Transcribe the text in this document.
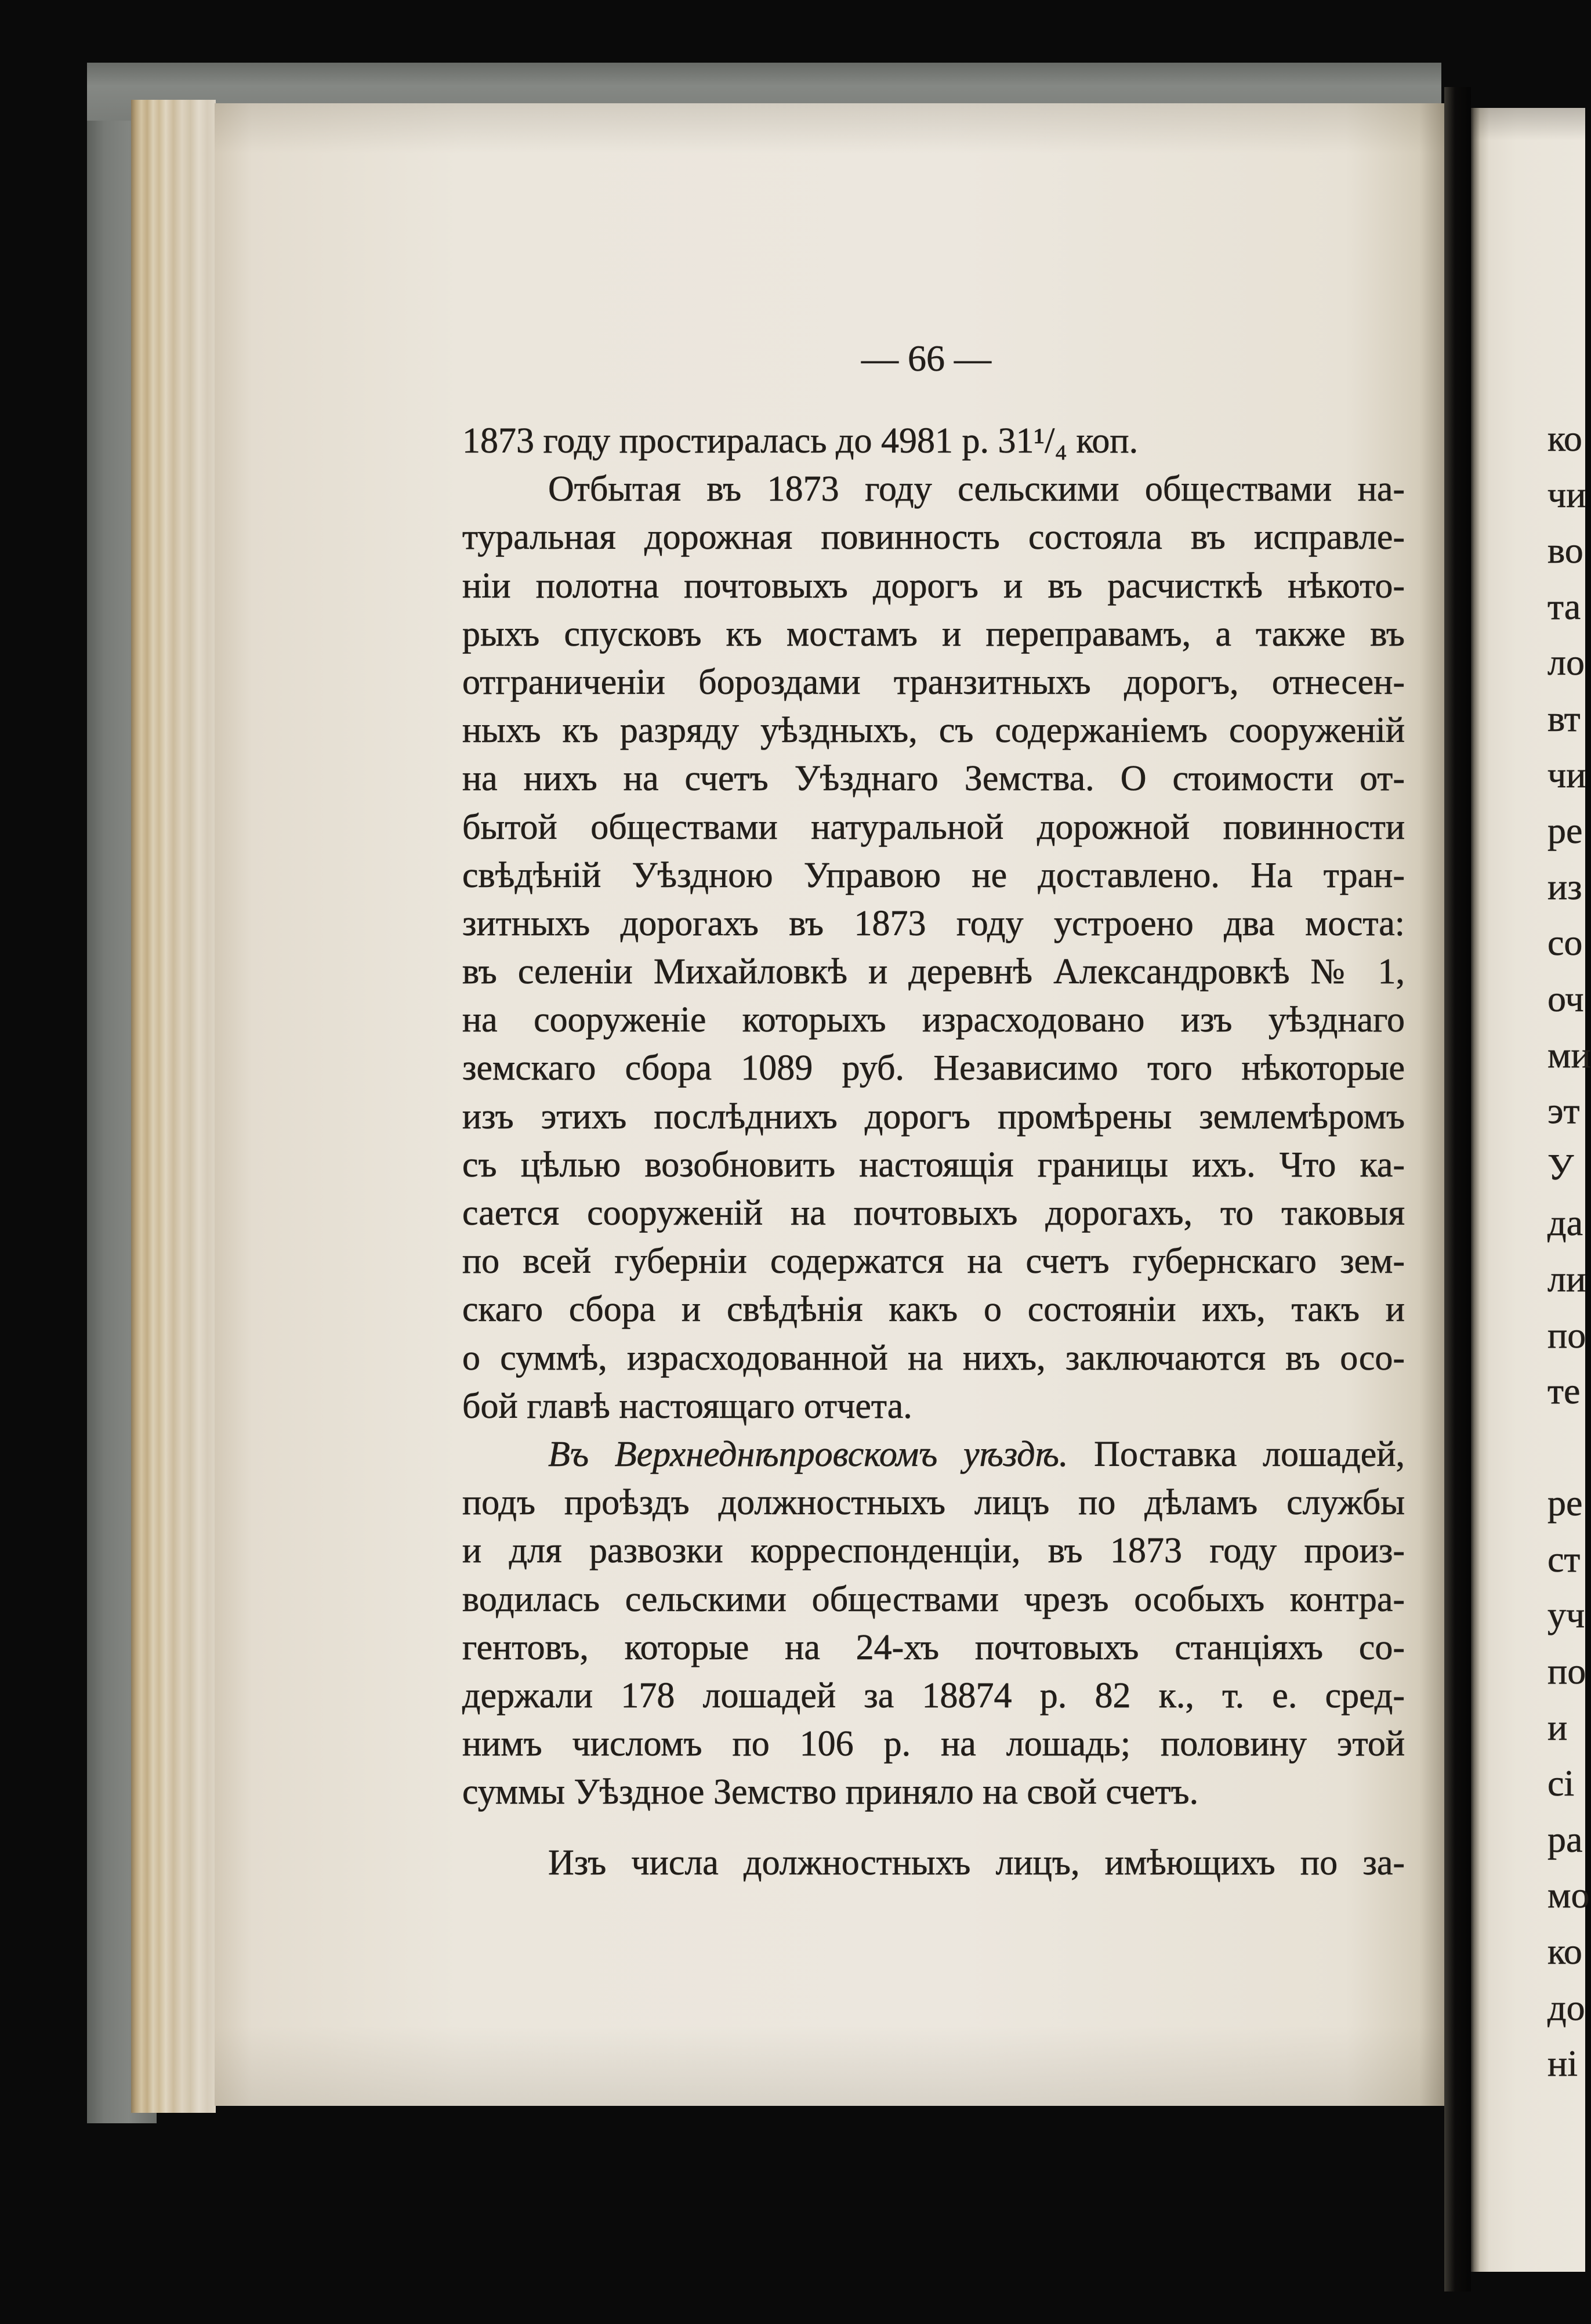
— 66 —
1873 году простиралась до 4981 р. 31¹/₄ коп.
Отбытая въ 1873 году сельскими обществами на-
туральная дорожная повинность состояла въ исправле-
ніи полотна почтовыхъ дорогъ и въ расчисткѣ нѣкото-
рыхъ спусковъ къ мостамъ и переправамъ, а также въ
отграниченіи бороздами транзитныхъ дорогъ, отнесен-
ныхъ къ разряду уѣздныхъ, съ содержаніемъ сооруженій
на нихъ на счетъ Уѣзднаго Земства. О стоимости от-
бытой обществами натуральной дорожной повинности
свѣдѣній Уѣздною Управою не доставлено. На тран-
зитныхъ дорогахъ въ 1873 году устроено два моста:
въ селеніи Михайловкѣ и деревнѣ Александровкѣ № 1,
на сооруженіе которыхъ израсходовано изъ уѣзднаго
земскаго сбора 1089 руб. Независимо того нѣкоторые
изъ этихъ послѣднихъ дорогъ промѣрены землемѣромъ
съ цѣлью возобновить настоящія границы ихъ. Что ка-
сается сооруженій на почтовыхъ дорогахъ, то таковыя
по всей губерніи содержатся на счетъ губернскаго зем-
скаго сбора и свѣдѣнія какъ о состояніи ихъ, такъ и
о суммѣ, израсходованной на нихъ, заключаются въ осо-
бой главѣ настоящаго отчета.
Въ Верхнеднѣпровскомъ уѣздѣ. Поставка лошадей,
подъ проѣздъ должностныхъ лицъ по дѣламъ службы
и для развозки корреспонденціи, въ 1873 году произ-
водилась сельскими обществами чрезъ особыхъ контра-
гентовъ, которые на 24-хъ почтовыхъ станціяхъ со-
держали 178 лошадей за 18874 р. 82 к., т. е. сред-
нимъ числомъ по 106 р. на лошадь; половину этой
суммы Уѣздное Земство приняло на свой счетъ.
Изъ числа должностныхъ лицъ, имѣющихъ по за-
ко
чи
во
та
ло
вт
чи
ре
из
со
оч
ми
эт
У
да
ли
по
те
ре
ст
уч
по
и
сі
ра
мо
ко
до
ні
